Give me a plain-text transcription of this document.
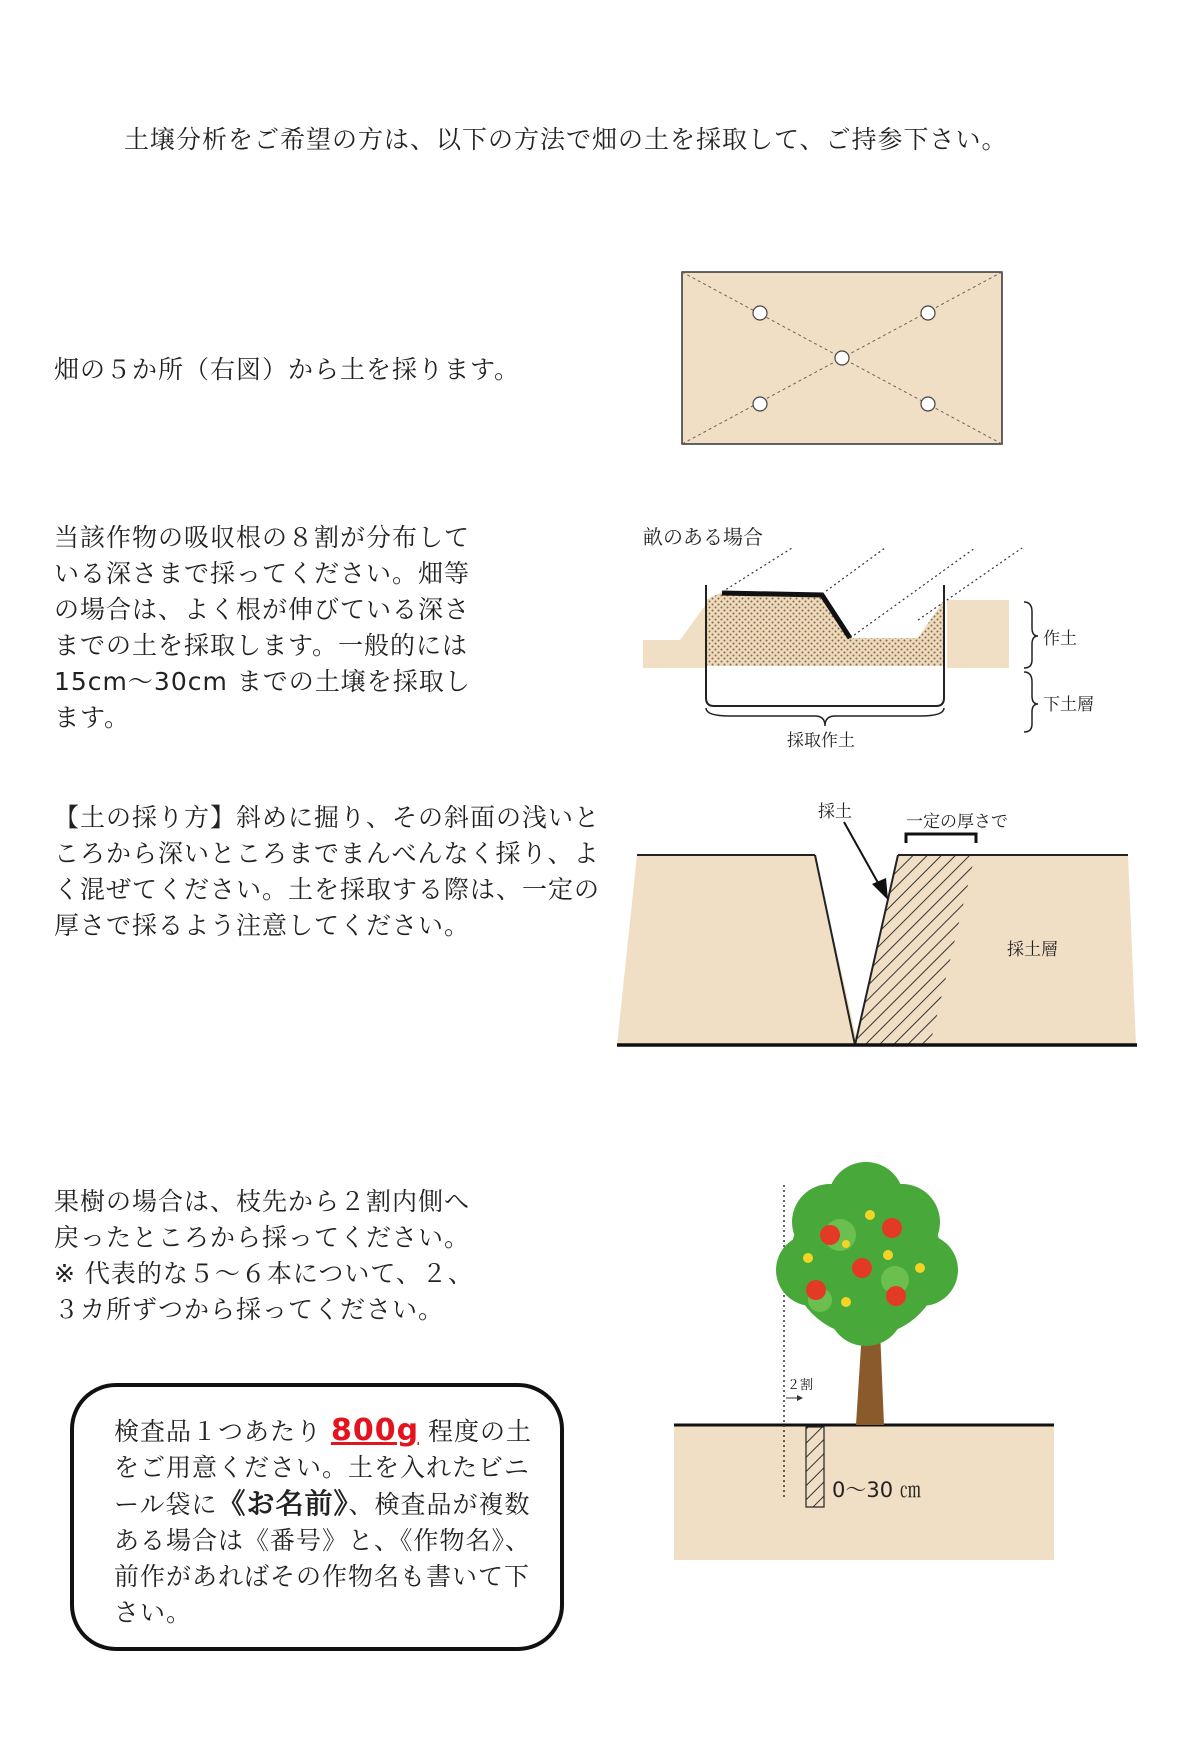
土壌分析をご希望の方は、以下の方法で畑の土を採取して、ご持参下さい。
畑の５か所（右図）から土を採ります。
当該作物の吸収根の８割が分布して
いる深さまで採ってください。畑等
の場合は、よく根が伸びている深さ
までの土を採取します。一般的には
15cm〜30cm までの土壌を採取し
ます。
【土の採り方】斜めに掘り、その斜面の浅いと
ころから深いところまでまんべんなく採り、よ
く混ぜてください。土を採取する際は、一定の
厚さで採るよう注意してください。
果樹の場合は、枝先から２割内側へ
戻ったところから採ってください。
※ 代表的な５〜６本について、２、
３カ所ずつから採ってください。
畝のある場合
作土
下土層
採取作土
採土	一定の厚さで
採土層
２割
0〜30 ㎝
検査品１つあたり 800g 程度の土をご用意ください。土を入れたビニール袋に《お名前》、検査品が複数ある場合は《番号》と、《作物名》、前作があればその作物名も書いて下さい。
